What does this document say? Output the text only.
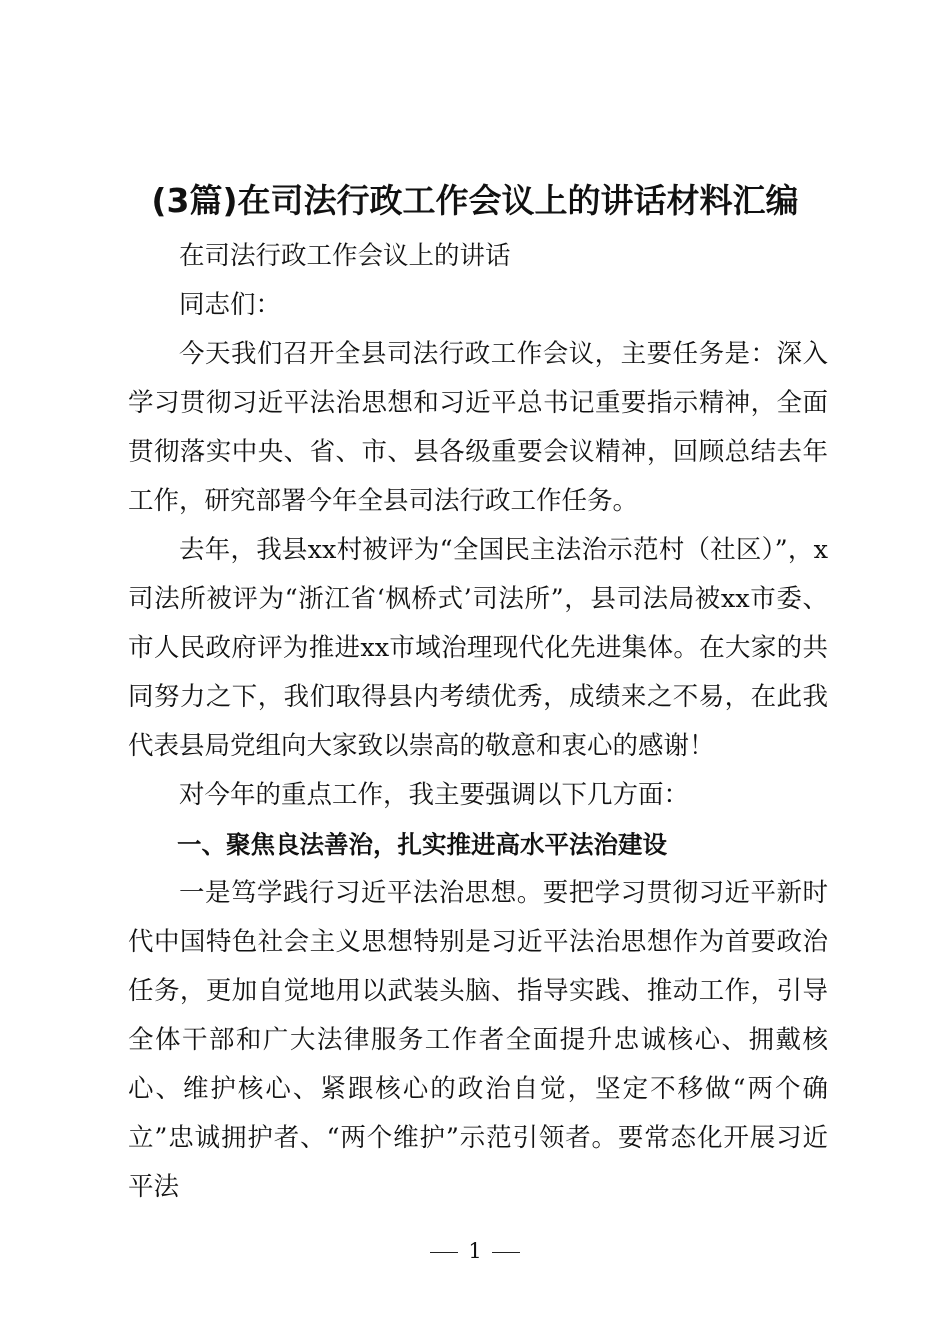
(3篇)在司法行政工作会议上的讲话材料汇编

在司法行政工作会议上的讲话

同志们：

今天我们召开全县司法行政工作会议，主要任务是：深入学习贯彻习近平法治思想和习近平总书记重要指示精神，全面贯彻落实中央、省、市、县各级重要会议精神，回顾总结去年工作，研究部署今年全县司法行政工作任务。

去年，我县xx村被评为“全国民主法治示范村（社区）”，x司法所被评为“浙江省‘枫桥式’司法所”，县司法局被xx市委、市人民政府评为推进xx市域治理现代化先进集体。在大家的共同努力之下，我们取得县内考绩优秀，成绩来之不易，在此我代表县局党组向大家致以崇高的敬意和衷心的感谢！

对今年的重点工作，我主要强调以下几方面：

一、聚焦良法善治，扎实推进高水平法治建设

一是笃学践行习近平法治思想。要把学习贯彻习近平新时代中国特色社会主义思想特别是习近平法治思想作为首要政治任务，更加自觉地用以武装头脑、指导实践、推动工作，引导全体干部和广大法律服务工作者全面提升忠诚核心、拥戴核心、维护核心、紧跟核心的政治自觉，坚定不移做“两个确立”忠诚拥护者、“两个维护”示范引领者。要常态化开展习近平法

1
